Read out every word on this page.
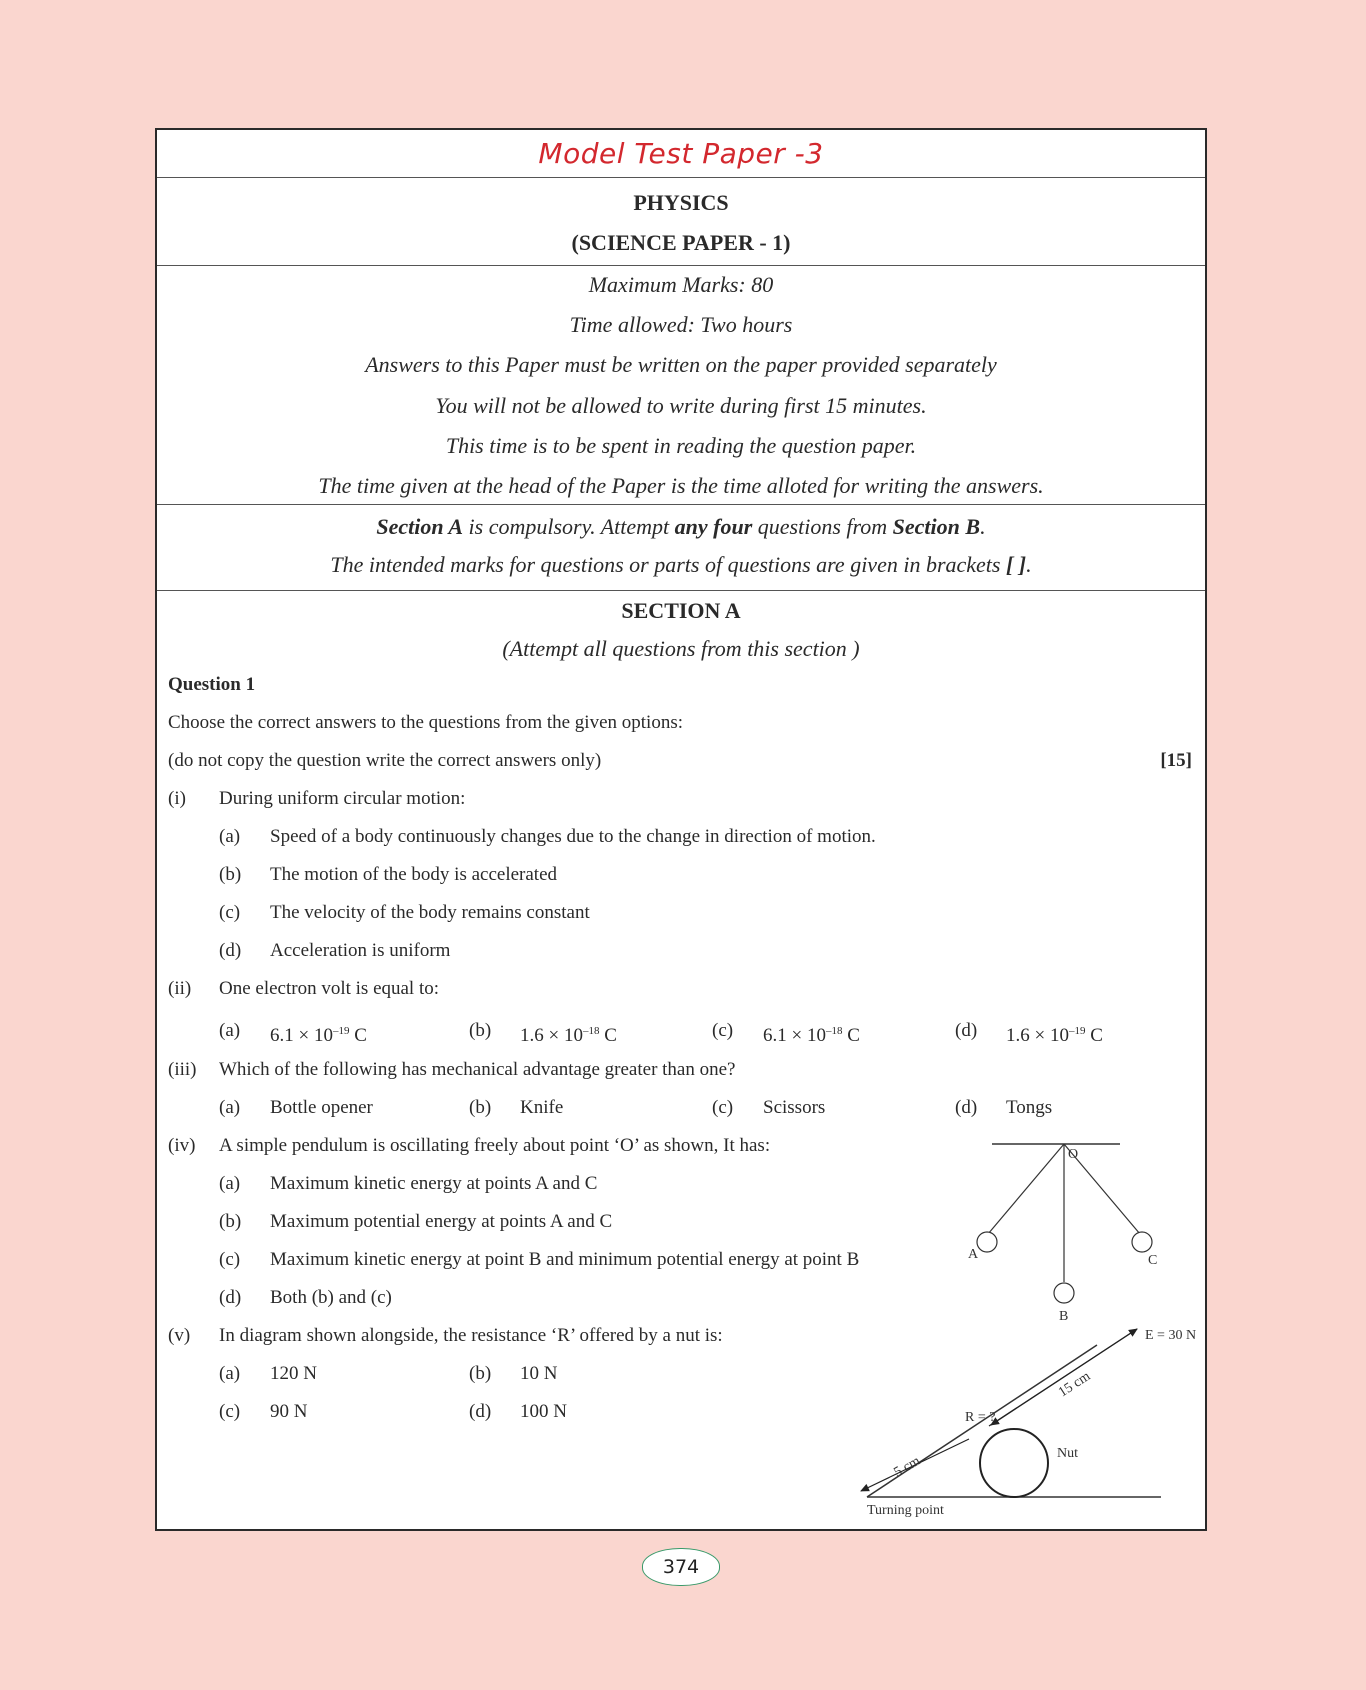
Model Test Paper -3
PHYSICS
(SCIENCE PAPER - 1)
Maximum Marks: 80
Time allowed: Two hours
Answers to this Paper must be written on the paper provided separately
You will not be allowed to write during first 15 minutes.
This time is to be spent in reading the question paper.
The time given at the head of the Paper is the time alloted for writing the answers.
Section A is compulsory. Attempt any four questions from Section B.
The intended marks for questions or parts of questions are given in brackets [ ].
SECTION A
(Attempt all questions from this section )
Question 1
Choose the correct answers to the questions from the given options:
(do not copy the question write the correct answers only)	[15]
(i) During uniform circular motion:
(a) Speed of a body continuously changes due to the change in direction of motion.
(b) The motion of the body is accelerated
(c) The velocity of the body remains constant
(d) Acceleration is uniform
(ii) One electron volt is equal to:
(a) $6.1 \times 10^{-19}$ C	(b) $1.6 \times 10^{-18}$ C	(c) $6.1 \times 10^{-18}$ C	(d) $1.6 \times 10^{-19}$ C
(iii) Which of the following has mechanical advantage greater than one?
(a) Bottle opener	(b) Knife	(c) Scissors	(d) Tongs
(iv) A simple pendulum is oscillating freely about point ‘O’ as shown, It has:
(a) Maximum kinetic energy at points A and C
(b) Maximum potential energy at points A and C
(c) Maximum kinetic energy at point B and minimum potential energy at point B
(d) Both (b) and (c)
O
A
B
C
(v) In diagram shown alongside, the resistance ‘R’ offered by a nut is:
(a) 120 N	(b) 10 N
(c) 90 N	(d) 100 N
E = 30 N
15 cm
R = ?
Nut
5 cm
Turning point
374
